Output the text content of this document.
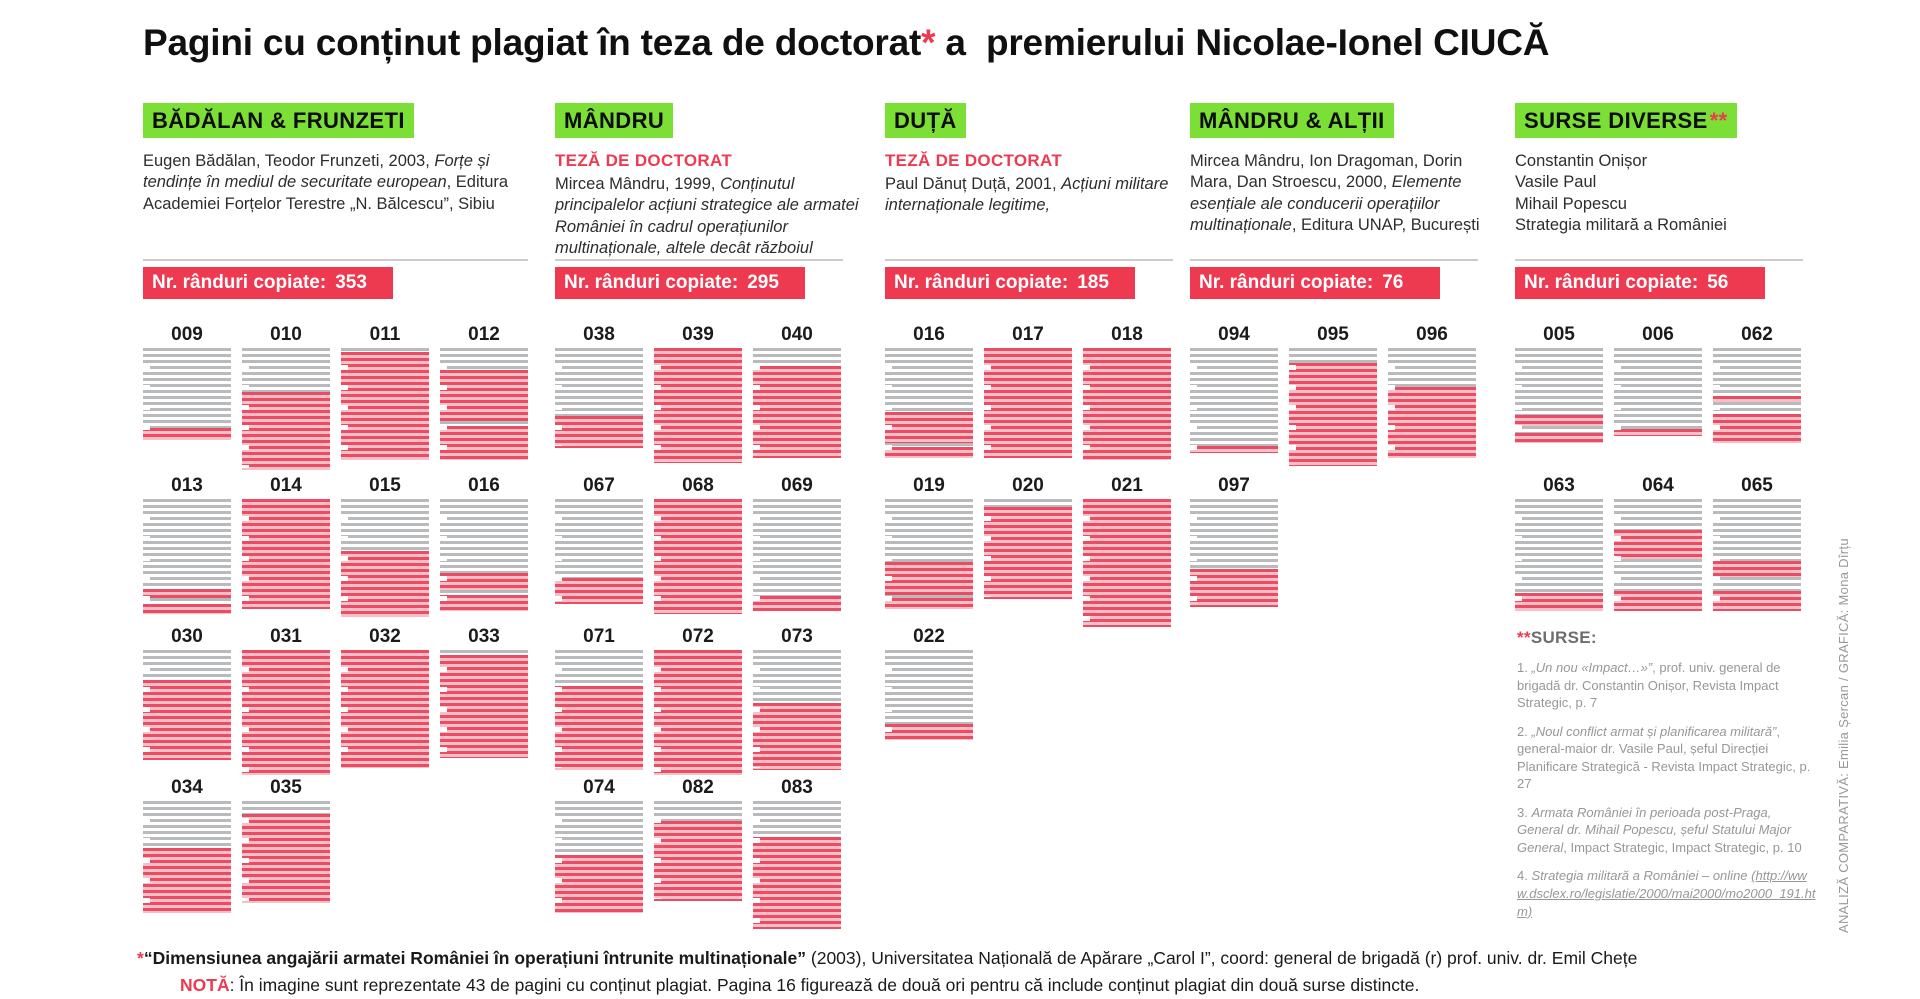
Pagini cu conținut plagiat în teza de doctorat* a  premierului Nicolae-Ionel CIUCĂ
BĂDĂLAN & FRUNZETI
Eugen Bădălan, Teodor Frunzeti, 2003, Forțe și tendințe în mediul de securitate european, Editura Academiei Forțelor Terestre „N. Bălcescu”, Sibiu
Nr. rânduri copiate: 353
009	010	011	012
013	014	015	016
030	031	032	033
034	035
MÂNDRU
TEZĂ DE DOCTORAT
Mircea Mândru, 1999, Conținutul principalelor acțiuni strategice ale armatei României în cadrul operațiunilor multinaționale, altele decât războiul
Nr. rânduri copiate: 295
038	039	040
067	068	069
071	072	073
074	082	083
DUȚĂ
TEZĂ DE DOCTORAT
Paul Dănuț Duță, 2001, Acțiuni militare internaționale legitime,
Nr. rânduri copiate: 185
016	017	018
019	020	021
022
MÂNDRU & ALȚII
Mircea Mândru, Ion Dragoman, Dorin Mara, Dan Stroescu, 2000, Elemente esențiale ale conducerii operațiilor multinaționale, Editura UNAP, București
Nr. rânduri copiate: 76
094	095	096
097
SURSE DIVERSE**
Constantin Onișor
Vasile Paul
Mihail Popescu
Strategia militară a României
Nr. rânduri copiate: 56
005	006	062
063	064	065
**SURSE:
1. „Un nou «Impact…»”, prof. univ. general de brigadă dr. Constantin Onișor, Revista Impact Strategic, p. 7
2. „Noul conflict armat și planificarea militară”, general-maior dr. Vasile Paul, șeful Direcției Planificare Strategică - Revista Impact Strategic, p. 27
3. Armata României în perioada post-Praga, General dr. Mihail Popescu, șeful Statului Major General, Impact Strategic, Impact Strategic, p. 10
4. Strategia militară a României – online (http://www.dsclex.ro/legislatie/2000/mai2000/mo2000_191.htm)	ANALIZĂ COMPARATIVĂ: Emilia Șercan / GRAFICĂ: Mona Dîrțu
*“Dimensiunea angajării armatei României în operațiuni întrunite multinaționale” (2003), Universitatea Națională de Apărare „Carol I”, coord: general de brigadă (r) prof. univ. dr. Emil Chețe
NOTĂ: În imagine sunt reprezentate 43 de pagini cu conținut plagiat. Pagina 16 figurează de două ori pentru că include conținut plagiat din două surse distincte.
